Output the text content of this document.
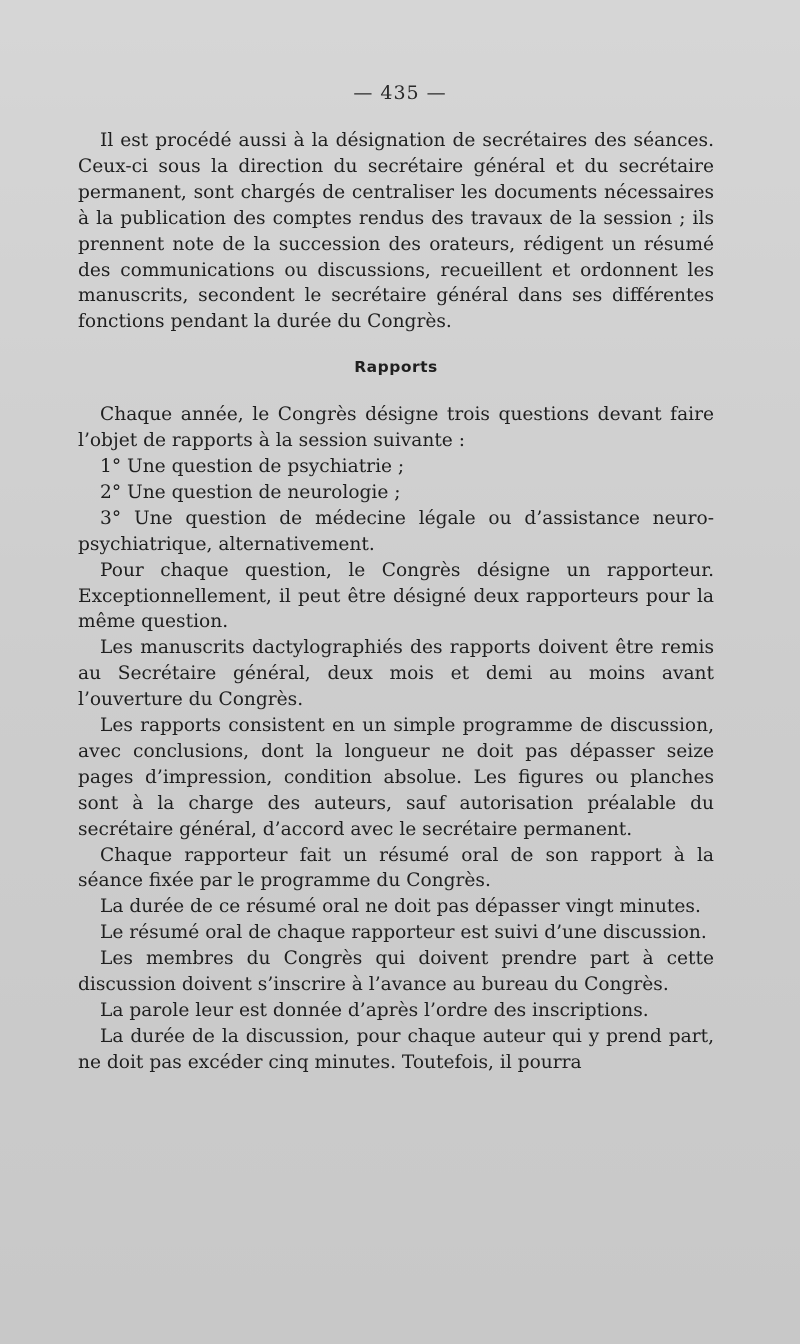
— 435 —

Il est procédé aussi à la désignation de secrétaires des séances. Ceux-ci sous la direction du secrétaire général et du secrétaire permanent, sont chargés de centraliser les documents nécessaires à la publication des comptes rendus des travaux de la session ; ils prennent note de la succession des orateurs, rédigent un résumé des communications ou discussions, recueillent et ordonnent les manuscrits, secondent le secrétaire général dans ses différentes fonctions pendant la durée du Congrès.

Rapports

Chaque année, le Congrès désigne trois questions devant faire l’objet de rapports à la session suivante :

1° Une question de psychiatrie ;

2° Une question de neurologie ;

3° Une question de médecine légale ou d’assistance neuro-psychiatrique, alternativement.

Pour chaque question, le Congrès désigne un rapporteur. Exceptionnellement, il peut être désigné deux rapporteurs pour la même question.

Les manuscrits dactylographiés des rapports doivent être remis au Secrétaire général, deux mois et demi au moins avant l’ouverture du Congrès.

Les rapports consistent en un simple programme de discussion, avec conclusions, dont la longueur ne doit pas dépasser seize pages d’impression, condition absolue. Les figures ou planches sont à la charge des auteurs, sauf autorisation préalable du secrétaire général, d’accord avec le secrétaire permanent.

Chaque rapporteur fait un résumé oral de son rapport à la séance fixée par le programme du Congrès.

La durée de ce résumé oral ne doit pas dépasser vingt minutes.

Le résumé oral de chaque rapporteur est suivi d’une discussion.

Les membres du Congrès qui doivent prendre part à cette discussion doivent s’inscrire à l’avance au bureau du Congrès.

La parole leur est donnée d’après l’ordre des inscriptions.

La durée de la discussion, pour chaque auteur qui y prend part, ne doit pas excéder cinq minutes. Toutefois, il pourra
